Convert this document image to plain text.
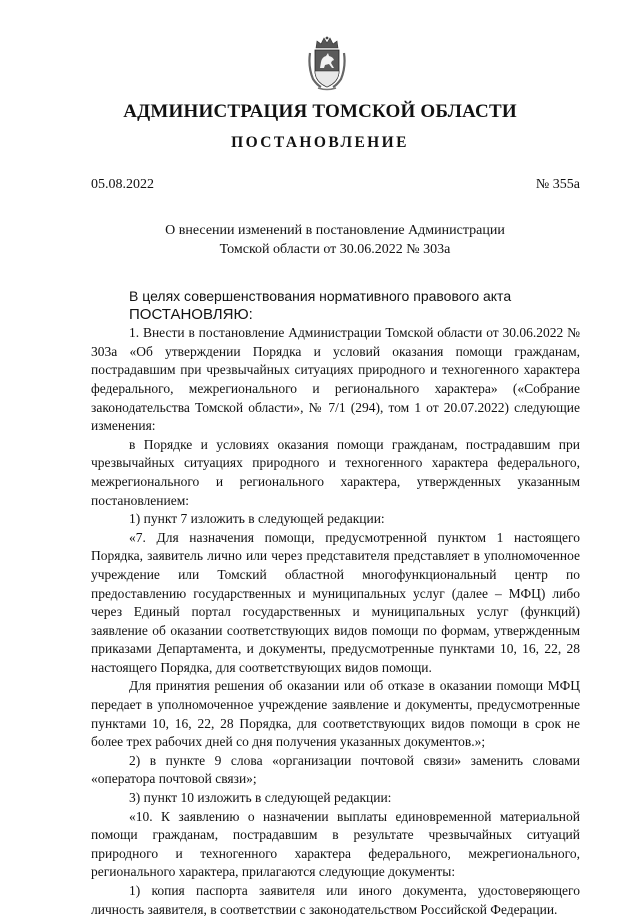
АДМИНИСТРАЦИЯ ТОМСКОЙ ОБЛАСТИ
ПОСТАНОВЛЕНИЕ
05.08.2022	№ 355а
О внесении изменений в постановление Администрации
Томской области от 30.06.2022 № 303а

В целях совершенствования нормативного правового акта

ПОСТАНОВЛЯЮ:

1. Внести в постановление Администрации Томской области от 30.06.2022 № 303а «Об утверждении Порядка и условий оказания помощи гражданам, пострадавшим при чрезвычайных ситуациях природного и техногенного характера федерального, межрегионального и регионального характера» («Собрание законодательства Томской области», № 7/1 (294), том 1 от 20.07.2022) следующие изменения:

в Порядке и условиях оказания помощи гражданам, пострадавшим при чрезвычайных ситуациях природного и техногенного характера федерального, межрегионального и регионального характера, утвержденных указанным постановлением:

1) пункт 7 изложить в следующей редакции:

«7. Для назначения помощи, предусмотренной пунктом 1 настоящего Порядка, заявитель лично или через представителя представляет в уполномоченное учреждение или Томский областной многофункциональный центр по предоставлению государственных и муниципальных услуг (далее – МФЦ) либо через Единый портал государственных и муниципальных услуг (функций) заявление об оказании соответствующих видов помощи по формам, утвержденным приказами Департамента, и документы, предусмотренные пунктами 10, 16, 22, 28 настоящего Порядка, для соответствующих видов помощи.

Для принятия решения об оказании или об отказе в оказании помощи МФЦ передает в уполномоченное учреждение заявление и документы, предусмотренные пунктами 10, 16, 22, 28 Порядка, для соответствующих видов помощи в срок не более трех рабочих дней со дня получения указанных документов.»;

2) в пункте 9 слова «организации почтовой связи» заменить словами «оператора почтовой связи»;

3) пункт 10 изложить в следующей редакции:

«10. К заявлению о назначении выплаты единовременной материальной помощи гражданам, пострадавшим в результате чрезвычайных ситуаций природного и техногенного характера федерального, межрегионального, регионального характера, прилагаются следующие документы:

1) копия паспорта заявителя или иного документа, удостоверяющего личность заявителя, в соответствии с законодательством Российской Федерации.
